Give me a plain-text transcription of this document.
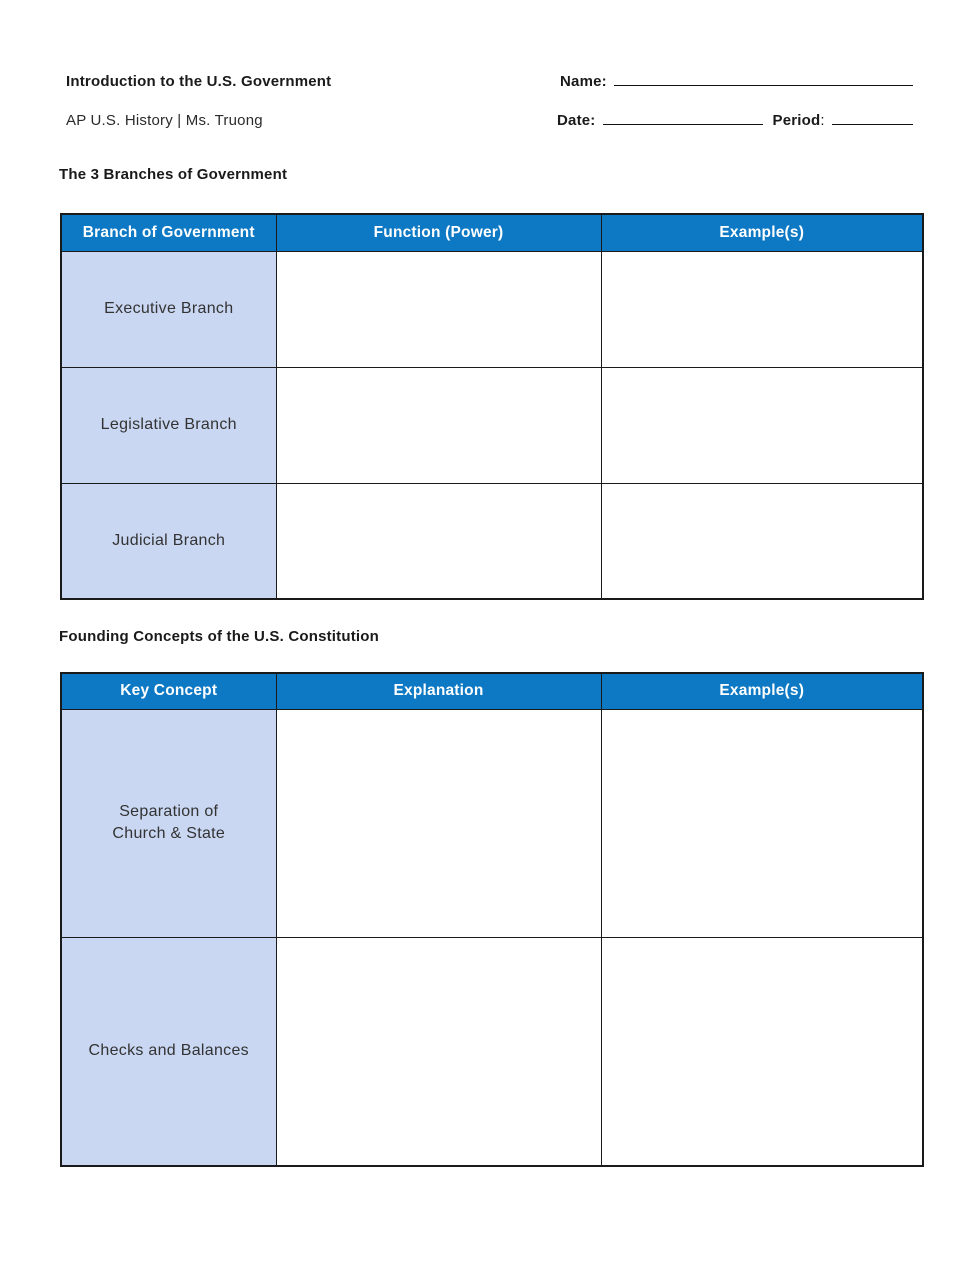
Introduction to the U.S. Government
AP U.S. History | Ms. Truong
Name:
Date:	Period :
The 3 Branches of Government
Branch of Government	Function (Power)	Example(s)
Executive Branch		
Legislative Branch		
Judicial Branch		
Founding Concepts of the U.S. Constitution
Key Concept	Explanation	Example(s)
Separation of Church & State		
Checks and Balances		
